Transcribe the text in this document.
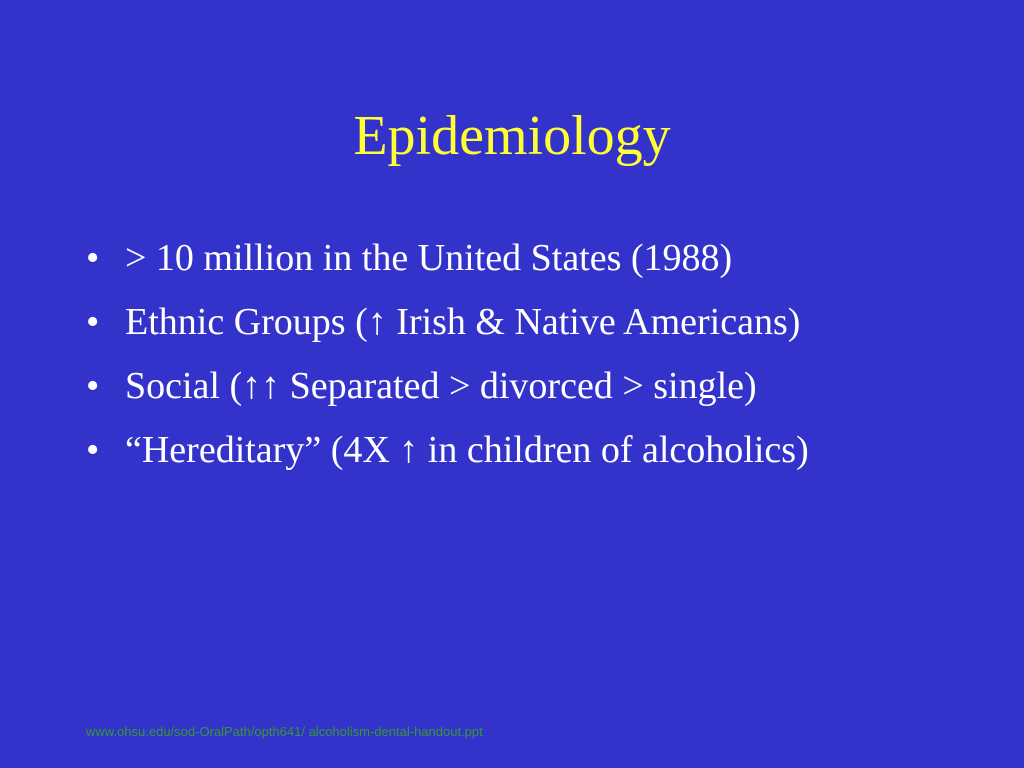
Epidemiology
• > 10 million in the United States (1988)
• Ethnic Groups (↑ Irish & Native Americans)
• Social (↑↑ Separated > divorced > single)
• “Hereditary” (4X ↑ in children of alcoholics)
www.ohsu.edu/sod-OralPath/opth641/ alcoholism-dental-handout.ppt
